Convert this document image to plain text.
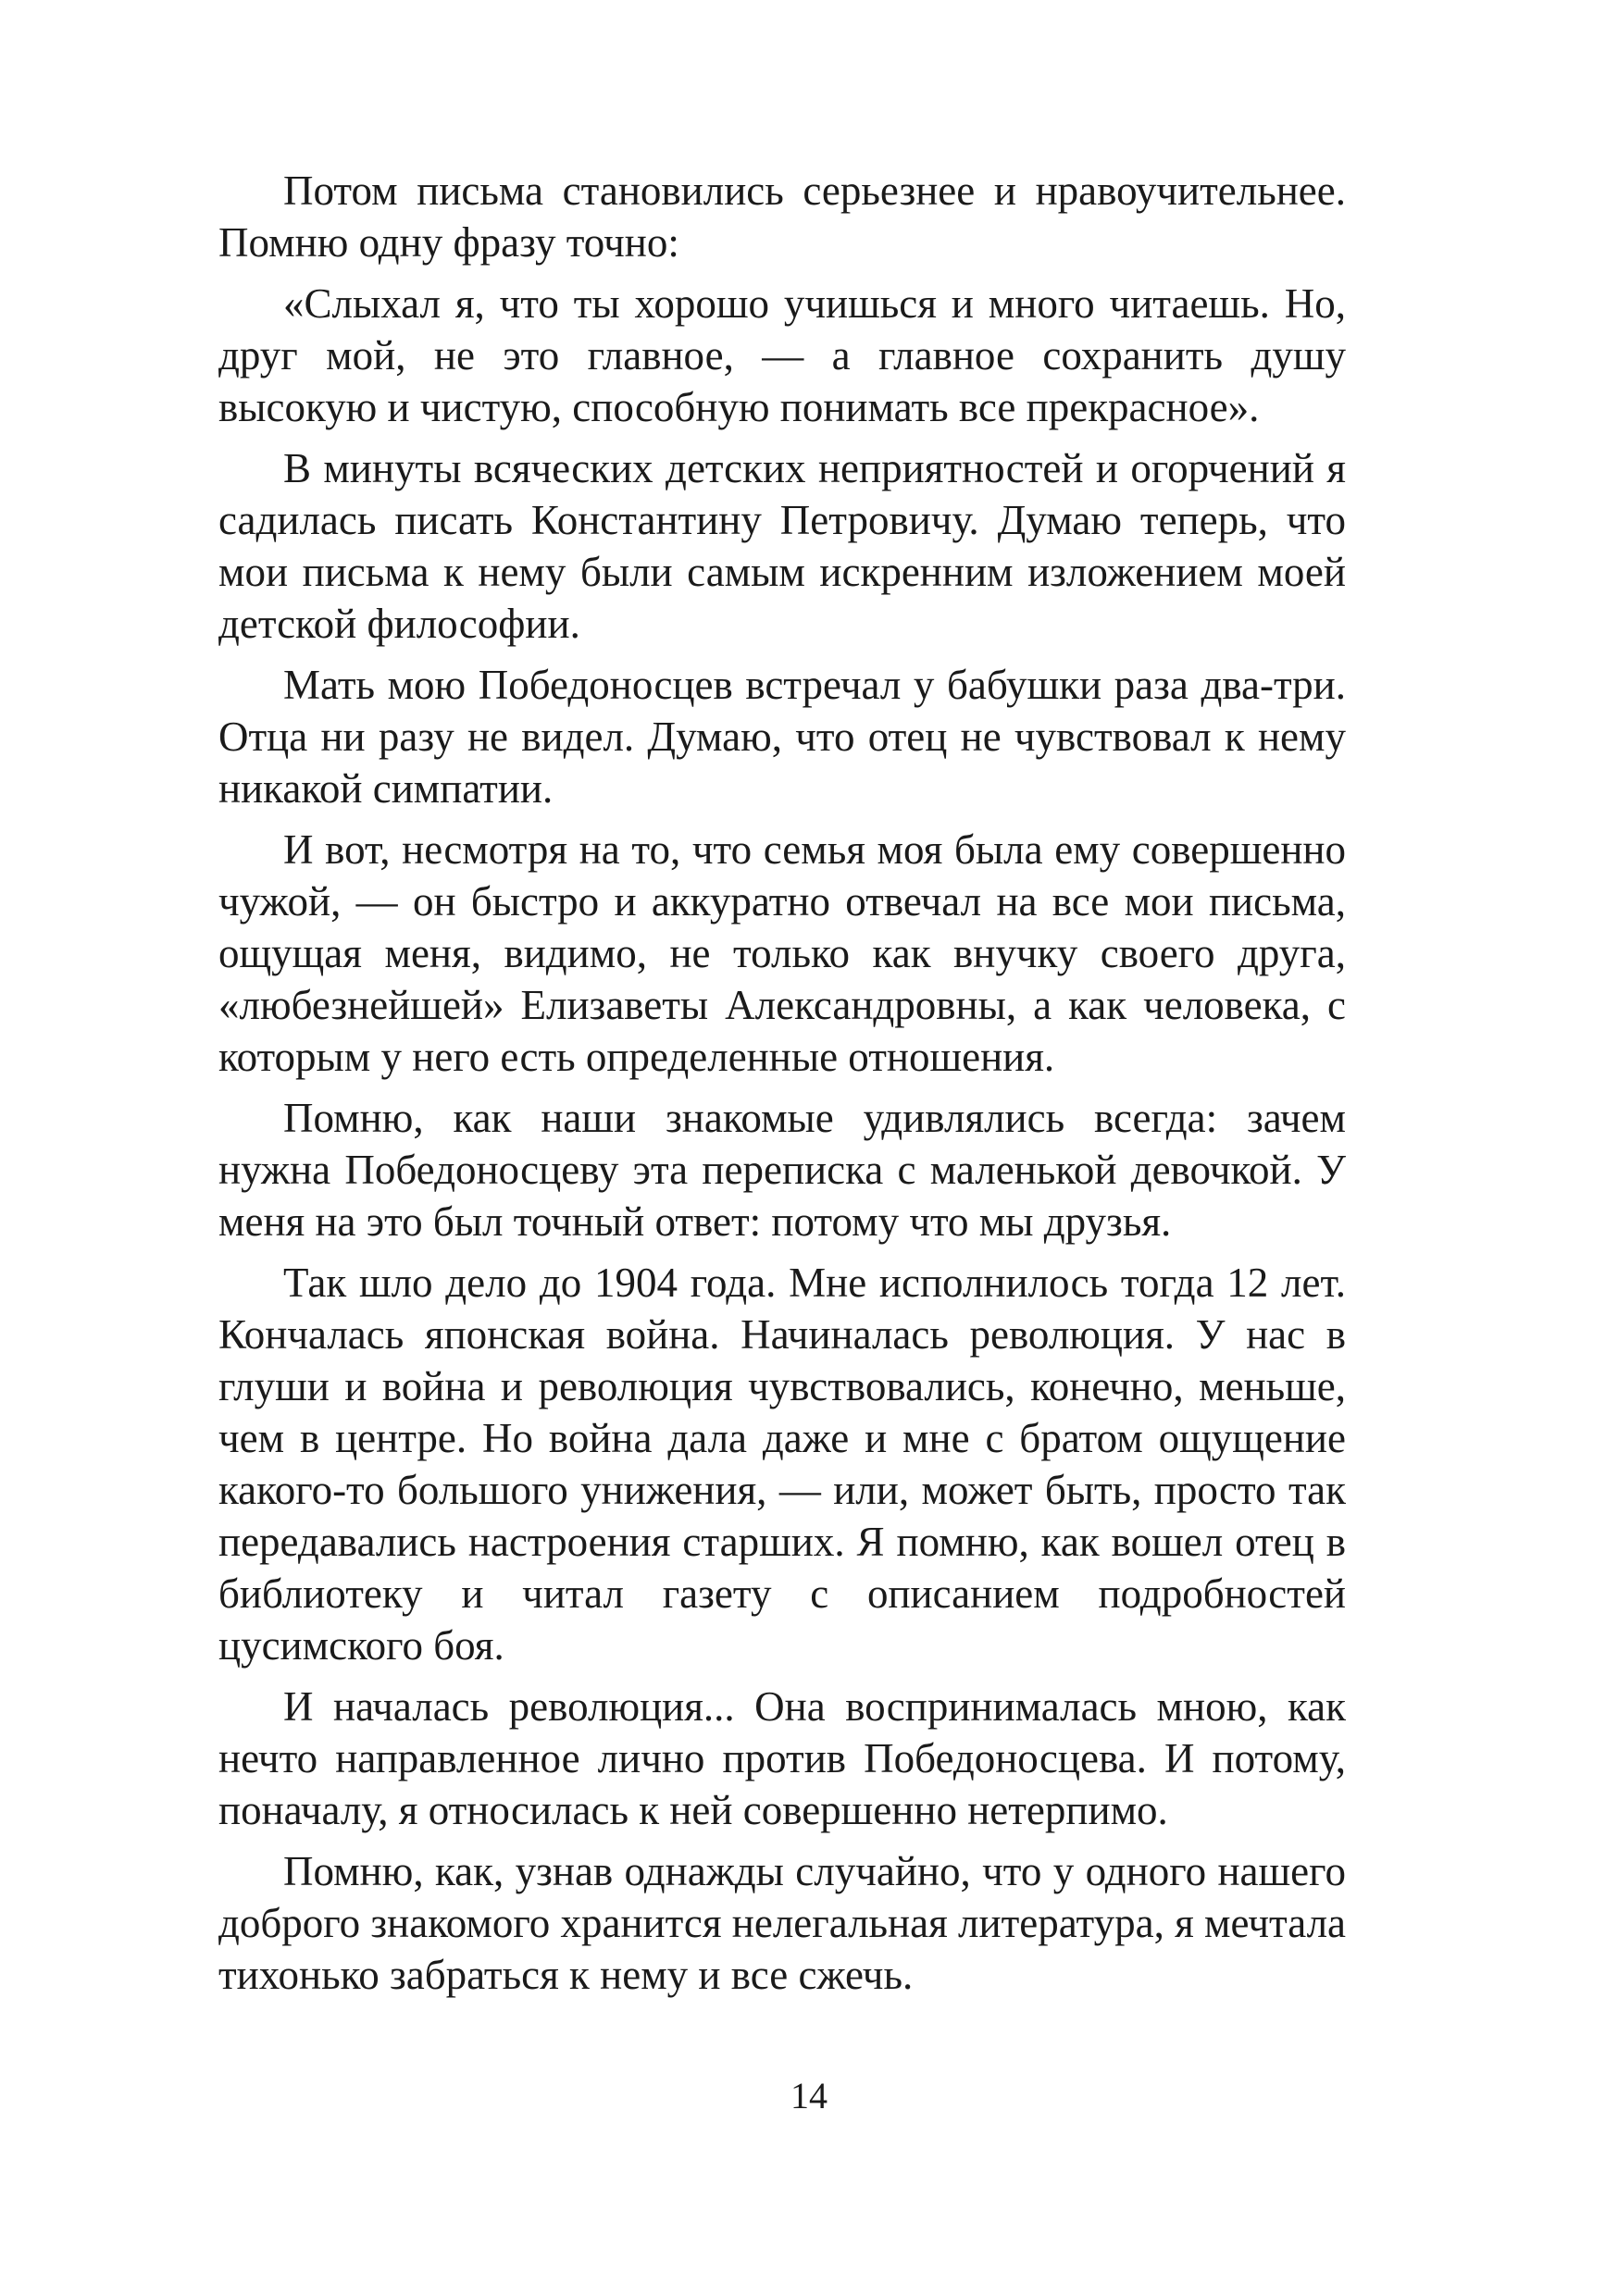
Потом письма становились серьезнее и нравоучительнее. Помню одну фразу точно:

«Слыхал я, что ты хорошо учишься и много читаешь. Но, друг мой, не это главное, — а главное сохранить душу высокую и чистую, способную понимать все прекрасное».

В минуты всяческих детских неприятностей и огорчений я садилась писать Константину Петровичу. Думаю теперь, что мои письма к нему были самым искренним изложением моей детской философии.

Мать мою Победоносцев встречал у бабушки раза два-три. Отца ни разу не видел. Думаю, что отец не чувствовал к нему никакой симпатии.

И вот, несмотря на то, что семья моя была ему совершенно чужой, — он быстро и аккуратно отвечал на все мои письма, ощущая меня, видимо, не только как внучку своего друга, «любезнейшей» Елизаветы Александровны, а как человека, с которым у него есть определенные отношения.

Помню, как наши знакомые удивлялись всегда: зачем нужна Победоносцеву эта переписка с маленькой девочкой. У меня на это был точный ответ: потому что мы друзья.

Так шло дело до 1904 года. Мне исполнилось тогда 12 лет. Кончалась японская война. Начиналась революция. У нас в глуши и война и революция чувствовались, конечно, меньше, чем в центре. Но война дала даже и мне с братом ощущение какого-то большого унижения, — или, может быть, просто так передавались настроения старших. Я помню, как вошел отец в библиотеку и читал газету с описанием подробностей цусимского боя.

И началась революция... Она воспринималась мною, как нечто направленное лично против Победоносцева. И потому, поначалу, я относилась к ней совершенно нетерпимо.

Помню, как, узнав однажды случайно, что у одного нашего доброго знакомого хранится нелегальная литература, я мечтала тихонько забраться к нему и все сжечь.

14
